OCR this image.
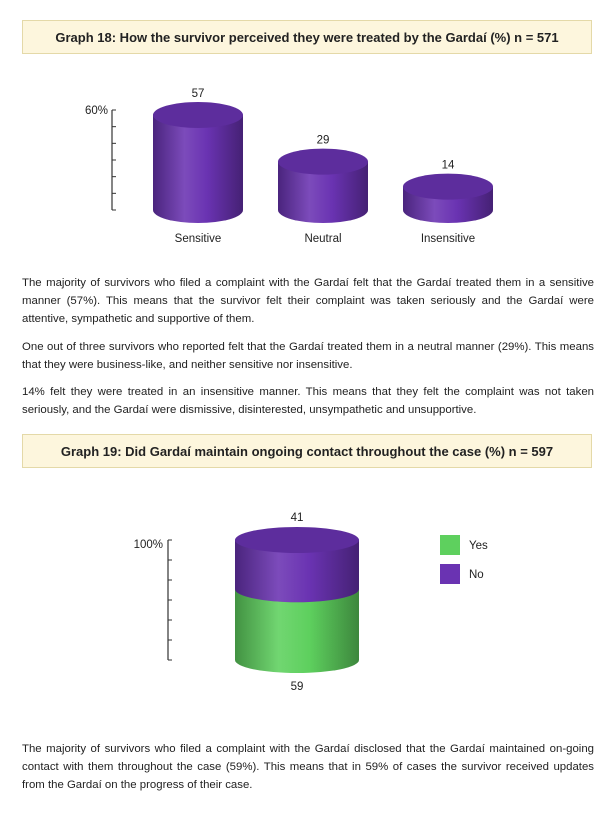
Graph 18: How the survivor perceived they were treated by the Gardaí (%) n = 571
60%
57
Sensitive
29
Neutral
14
Insensitive

The majority of survivors who filed a complaint with the Gardaí felt that the Gardaí treated them in a sensitive manner (57%). This means that the survivor felt their complaint was taken seriously and the Gardaí were attentive, sympathetic and supportive of them.

One out of three survivors who reported felt that the Gardaí treated them in a neutral manner (29%). This means that they were business-like, and neither sensitive nor insensitive.

14% felt they were treated in an insensitive manner. This means that they felt the complaint was not taken seriously, and the Gardaí were dismissive, disinterested, unsympathetic and unsupportive.

Graph 19: Did Gardaí maintain ongoing contact throughout the case (%) n = 597
100%
41
59
Yes
No

The majority of survivors who filed a complaint with the Gardaí disclosed that the Gardaí maintained on-going contact with them throughout the case (59%). This means that in 59% of cases the survivor received updates from the Gardaí on the progress of their case.
